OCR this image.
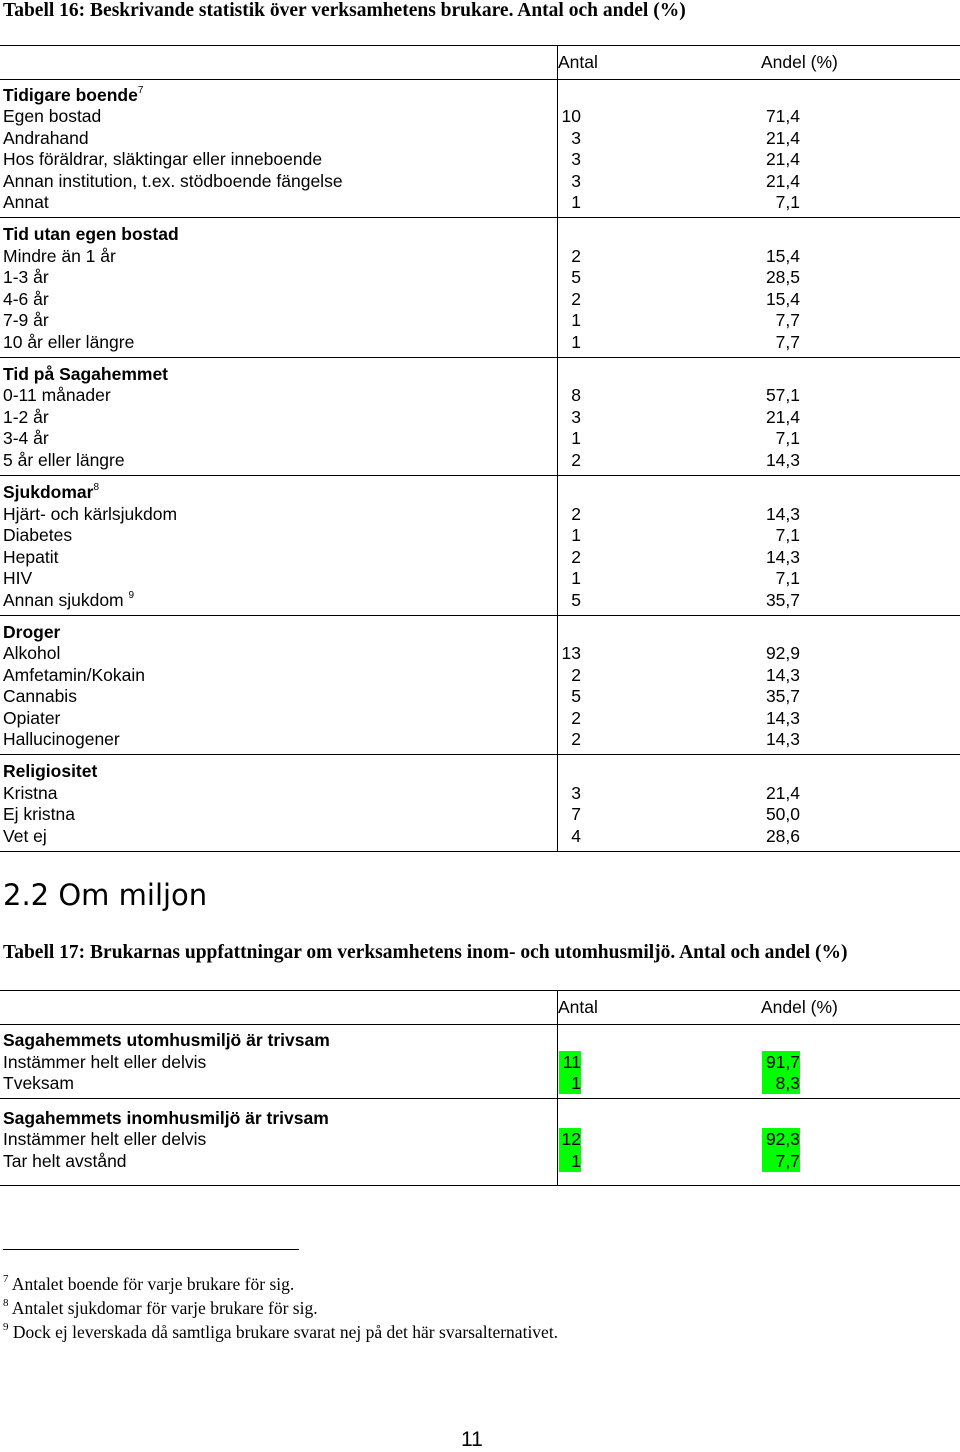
Tabell 16: Beskrivande statistik över verksamhetens brukare. Antal och andel (%)
Antal	Andel (%)
Tidigare boende$^7$
Egen bostad	10	71,4
Andrahand	3	21,4
Hos föräldrar, släktingar eller inneboende	3	21,4
Annan institution, t.ex. stödboende fängelse	3	21,4
Annat	1	7,1
Tid utan egen bostad
Mindre än 1 år	2	15,4
1-3 år	5	28,5
4-6 år	2	15,4
7-9 år	1	7,7
10 år eller längre	1	7,7
Tid på Sagahemmet
0-11 månader	8	57,1
1-2 år	3	21,4
3-4 år	1	7,1
5 år eller längre	2	14,3
Sjukdomar$^8$
Hjärt- och kärlsjukdom	2	14,3
Diabetes	1	7,1
Hepatit	2	14,3
HIV	1	7,1
Annan sjukdom $^9$	5	35,7
Droger
Alkohol	13	92,9
Amfetamin/Kokain	2	14,3
Cannabis	5	35,7
Opiater	2	14,3
Hallucinogener	2	14,3
Religiositet
Kristna	3	21,4
Ej kristna	7	50,0
Vet ej	4	28,6
2.2 Om miljon
Tabell 17: Brukarnas uppfattningar om verksamhetens inom- och utomhusmiljö. Antal och andel (%)
Antal	Andel (%)
Sagahemmets utomhusmiljö är trivsam
Instämmer helt eller delvis	11	91,7
Tveksam	1	8,3
Sagahemmets inomhusmiljö är trivsam
Instämmer helt eller delvis	12	92,3
Tar helt avstånd	1	7,7
$^7$ Antalet boende för varje brukare för sig.
$^8$ Antalet sjukdomar för varje brukare för sig.
$^9$ Dock ej leverskada då samtliga brukare svarat nej på det här svarsalternativet.
11
